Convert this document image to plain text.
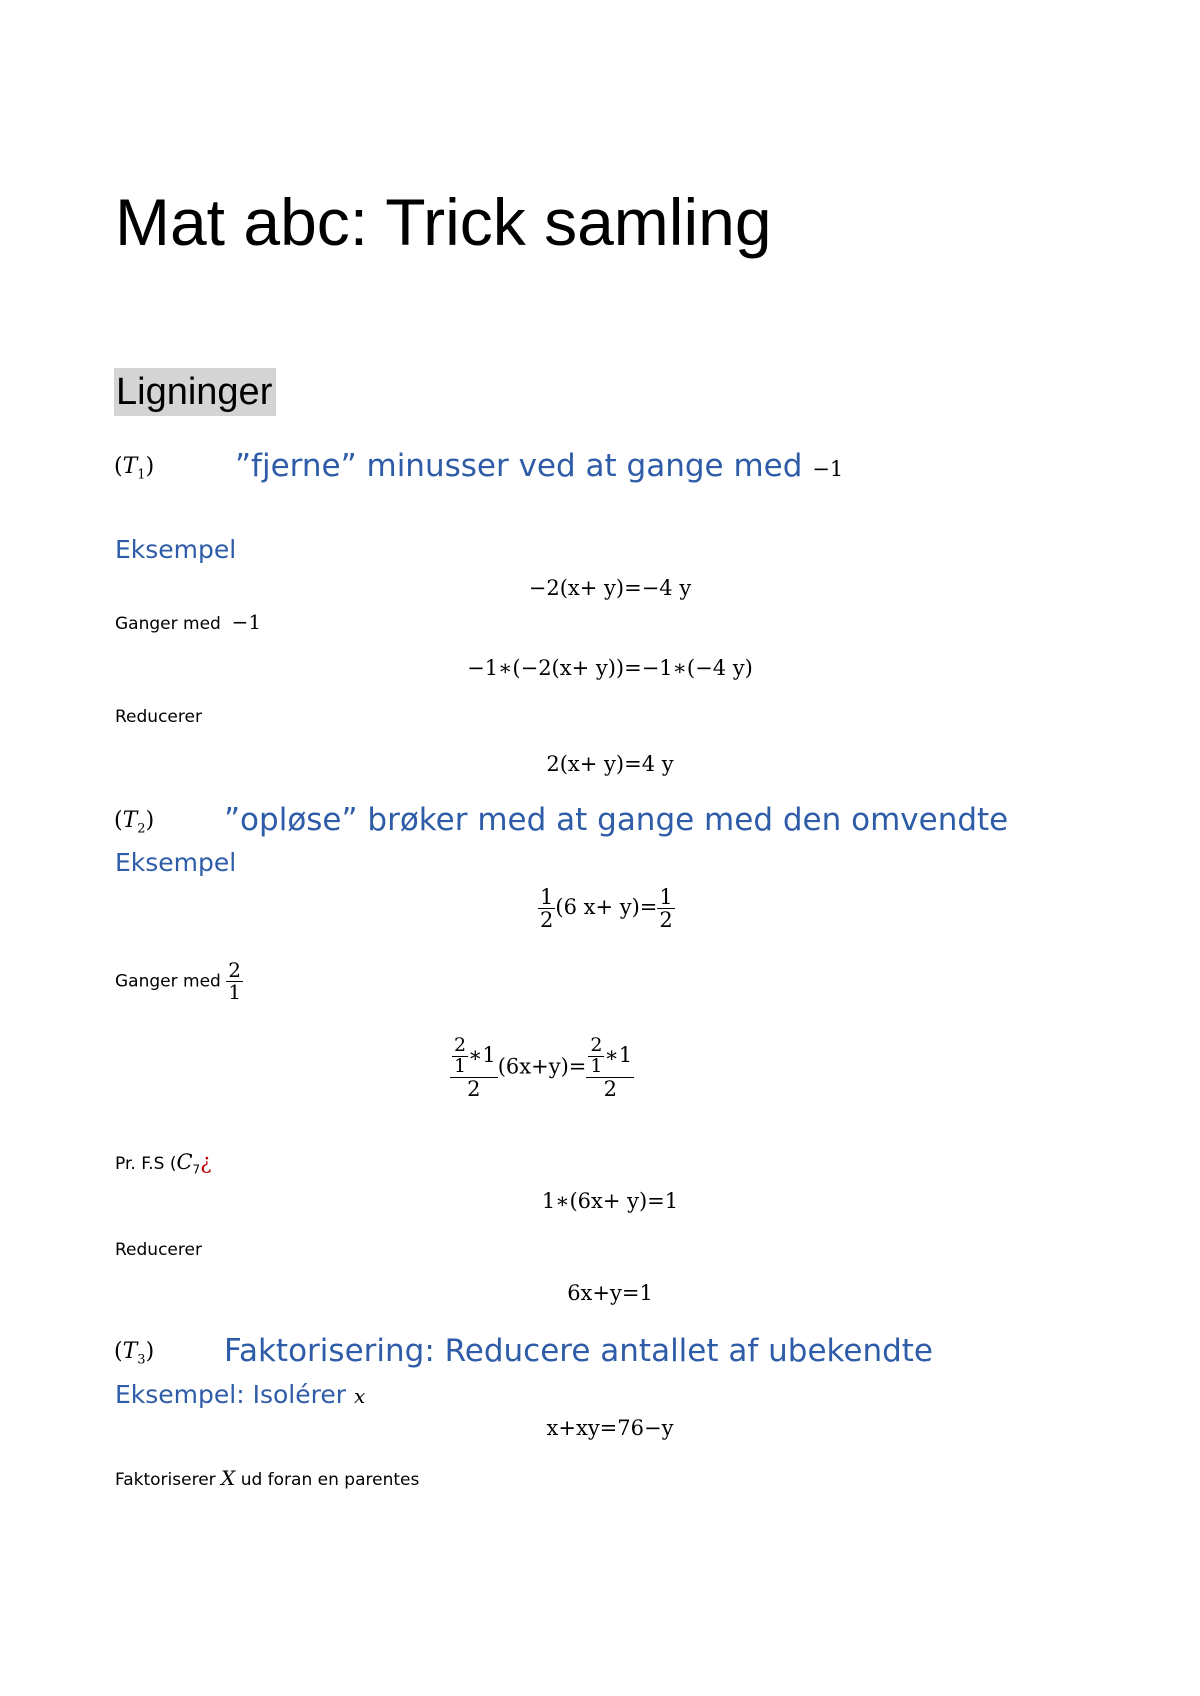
Mat abc: Trick samling
Ligninger
$(T_1)$	”fjerne” minusser ved at gange med −1
Eksempel
−2(x+ y)=−4 y
Ganger med −1
−1∗(−2(x+ y))=−1∗(−4 y)
Reducerer
2(x+ y)=4 y
$(T_2)$ ”opløse” brøker med at gange med den omvendte
Eksempel
$\frac{1}{2} (6$ $x+ y)= \frac{1}{2}$
Ganger med $\frac{2}{1}$
$\frac{\frac{2}{1} ∗1}{2} (6x+y)= \frac{\frac{2}{1} ∗1}{2}$
Pr. F.S ($C_7¿$
1∗(6x+ y)=1
Reducerer
6x+y=1
$(T_3)$ Faktorisering: Reducere antallet af ubekendte
Eksempel: Isolérer x
x+xy=76−y
Faktoriserer X ud foran en parentes
